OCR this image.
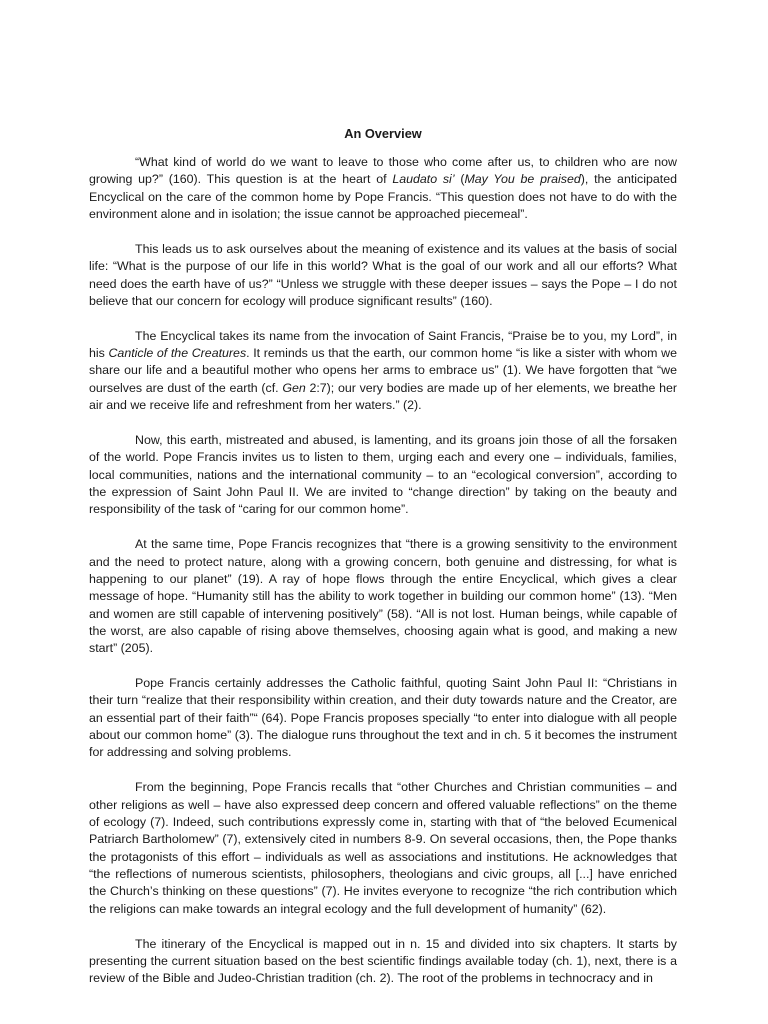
An Overview

“What kind of world do we want to leave to those who come after us, to children who are now growing up?” (160). This question is at the heart of Laudato si’ (May You be praised), the anticipated Encyclical on the care of the common home by Pope Francis. “This question does not have to do with the environment alone and in isolation; the issue cannot be approached piecemeal”.

This leads us to ask ourselves about the meaning of existence and its values at the basis of social life: “What is the purpose of our life in this world? What is the goal of our work and all our efforts? What need does the earth have of us?” “Unless we struggle with these deeper issues – says the Pope – I do not believe that our concern for ecology will produce significant results” (160).

The Encyclical takes its name from the invocation of Saint Francis, “Praise be to you, my Lord”, in his Canticle of the Creatures. It reminds us that the earth, our common home “is like a sister with whom we share our life and a beautiful mother who opens her arms to embrace us” (1). We have forgotten that “we ourselves are dust of the earth (cf. Gen 2:7); our very bodies are made up of her elements, we breathe her air and we receive life and refreshment from her waters.” (2).

Now, this earth, mistreated and abused, is lamenting, and its groans join those of all the forsaken of the world. Pope Francis invites us to listen to them, urging each and every one – individuals, families, local communities, nations and the international community – to an “ecological conversion”, according to the expression of Saint John Paul II. We are invited to “change direction” by taking on the beauty and responsibility of the task of “caring for our common home”.

At the same time, Pope Francis recognizes that “there is a growing sensitivity to the environment and the need to protect nature, along with a growing concern, both genuine and distressing, for what is happening to our planet” (19). A ray of hope flows through the entire Encyclical, which gives a clear message of hope. “Humanity still has the ability to work together in building our common home” (13). “Men and women are still capable of intervening positively” (58). “All is not lost. Human beings, while capable of the worst, are also capable of rising above themselves, choosing again what is good, and making a new start” (205).

Pope Francis certainly addresses the Catholic faithful, quoting Saint John Paul II: “Christians in their turn “realize that their responsibility within creation, and their duty towards nature and the Creator, are an essential part of their faith”“ (64). Pope Francis proposes specially “to enter into dialogue with all people about our common home” (3). The dialogue runs throughout the text and in ch. 5 it becomes the instrument for addressing and solving problems.

From the beginning, Pope Francis recalls that “other Churches and Christian communities – and other religions as well – have also expressed deep concern and offered valuable reflections” on the theme of ecology (7). Indeed, such contributions expressly come in, starting with that of “the beloved Ecumenical Patriarch Bartholomew” (7), extensively cited in numbers 8-9. On several occasions, then, the Pope thanks the protagonists of this effort – individuals as well as associations and institutions. He acknowledges that “the reflections of numerous scientists, philosophers, theologians and civic groups, all [...] have enriched the Church’s thinking on these questions” (7). He invites everyone to recognize “the rich contribution which the religions can make towards an integral ecology and the full development of humanity” (62).

The itinerary of the Encyclical is mapped out in n. 15 and divided into six chapters. It starts by presenting the current situation based on the best scientific findings available today (ch. 1), next, there is a review of the Bible and Judeo-Christian tradition (ch. 2). The root of the problems in technocracy and in
